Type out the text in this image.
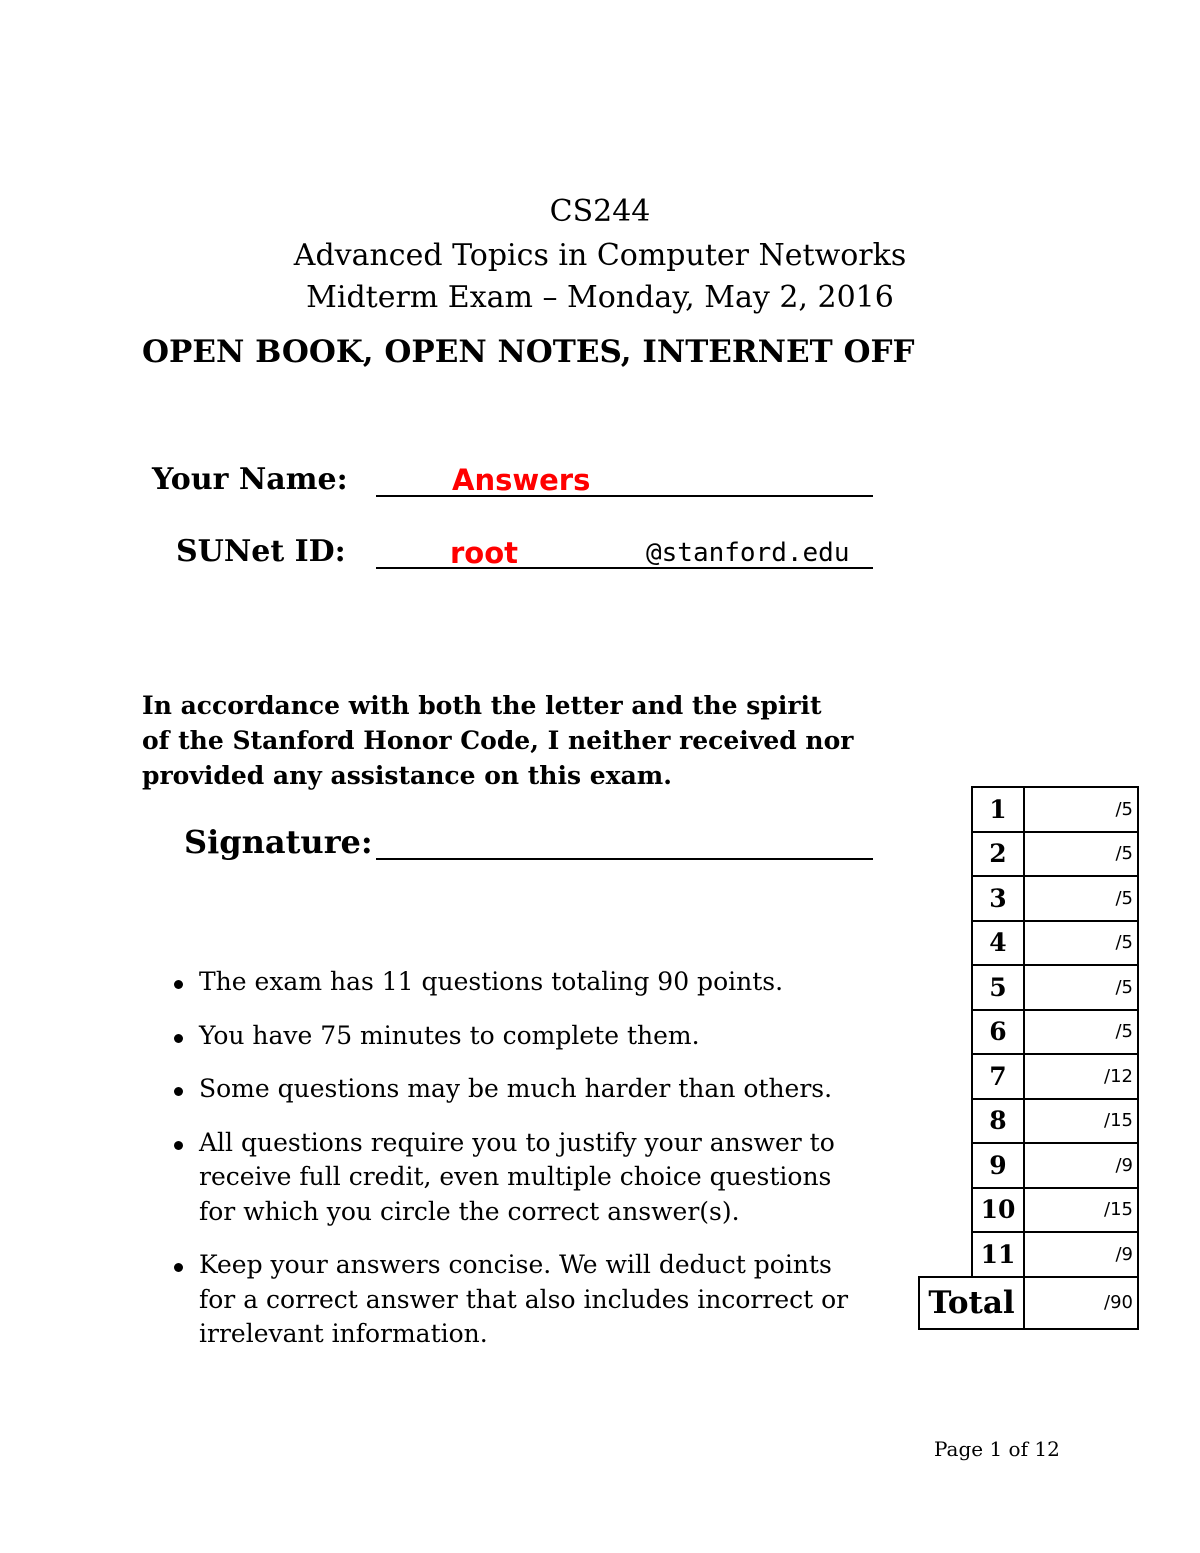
CS244
Advanced Topics in Computer Networks
Midterm Exam – Monday, May 2, 2016
OPEN BOOK, OPEN NOTES, INTERNET OFF
Your Name:	Answers
SUNet ID:	root	@stanford.edu

In accordance with both the letter and the spirit

of the Stanford Honor Code, I neither received nor

provided any assistance on this exam.

Signature:
The exam has 11 questions totaling 90 points.
You have 75 minutes to complete them.
Some questions may be much harder than others.
All questions require you to justify your answer to receive full credit, even multiple choice questions for which you circle the correct answer(s).
Keep your answers concise. We will deduct points for a correct answer that also includes incorrect or irrelevant information.
	1	/5
	2	/5
	3	/5
	4	/5
	5	/5
	6	/5
	7	/12
	8	/15
	9	/9
	10	/15
	11	/9
Total		/90
Page 1 of 12
